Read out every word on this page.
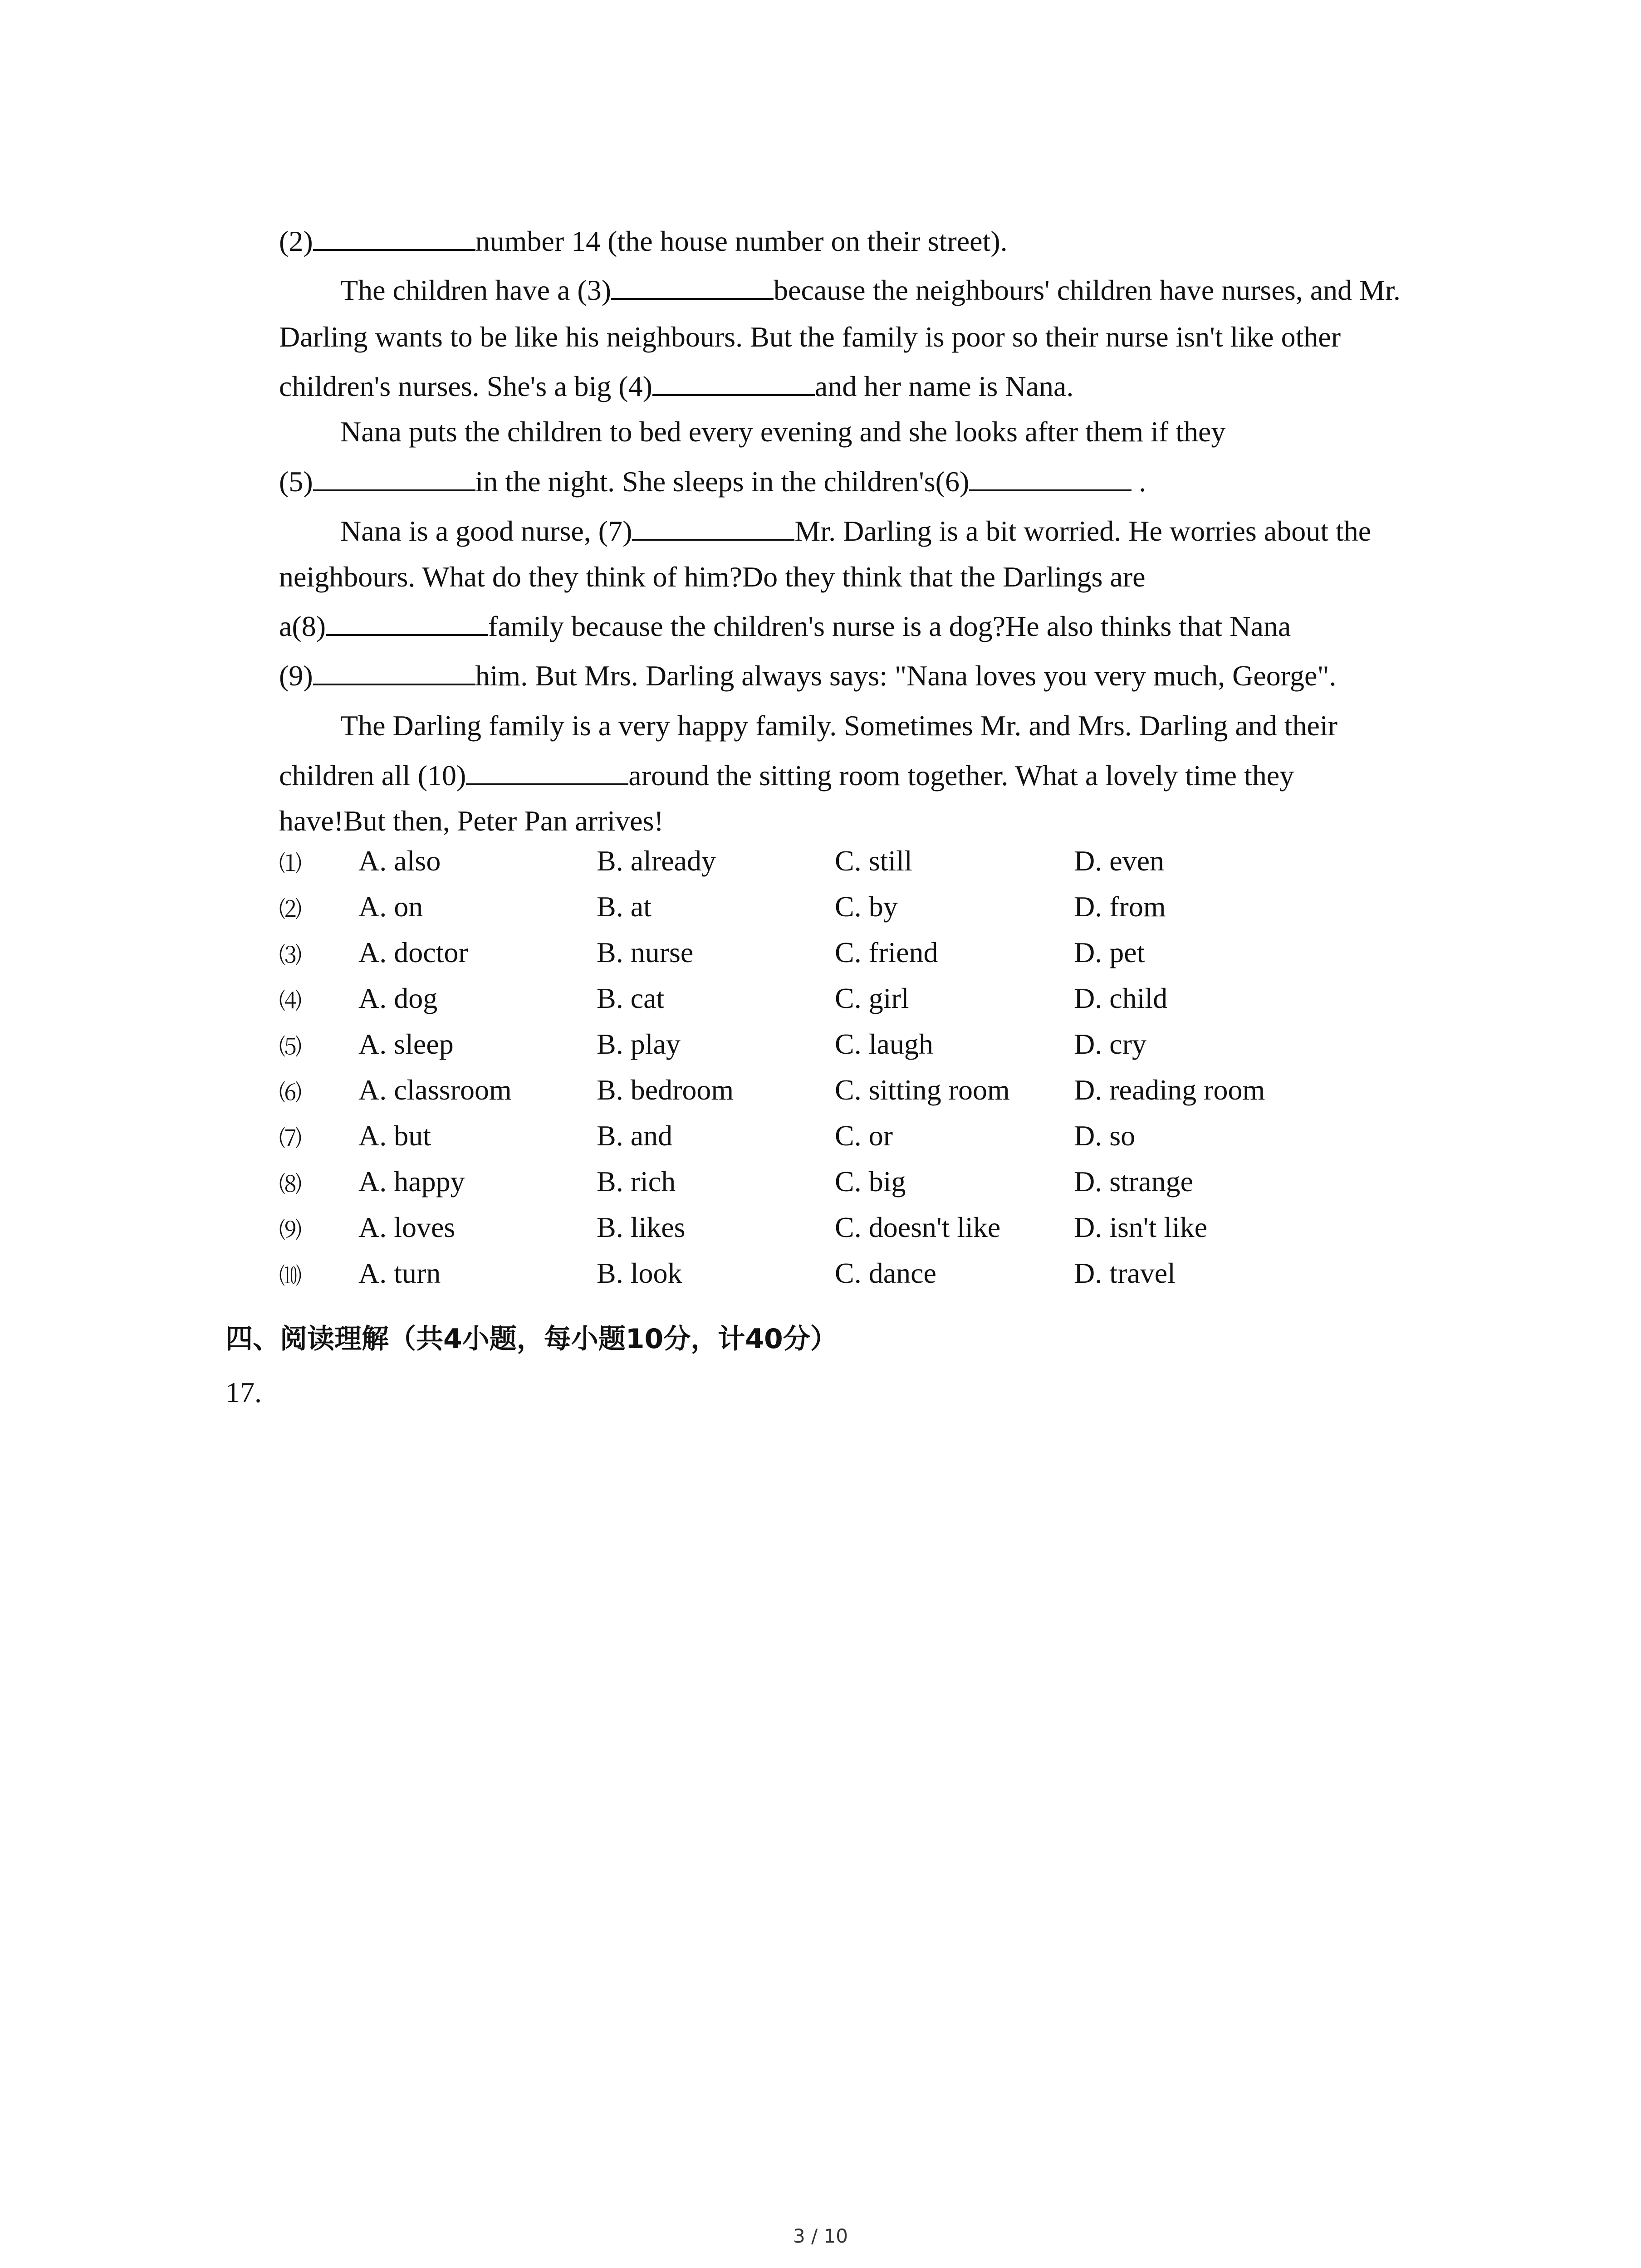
(2)	number 14 (the house number on their street).
The children have a (3)	because the neighbours' children have nurses, and Mr.
Darling wants to be like his neighbours. But the family is poor so their nurse isn't like other
children's nurses. She's a big (4)	and her name is Nana.
Nana puts the children to bed every evening and she looks after them if they
(5)	in the night. She sleeps in the children's(6)	.
Nana is a good nurse, (7)	Mr. Darling is a bit worried. He worries about the
neighbours. What do they think of him?Do they think that the Darlings are
a(8)	family because the children's nurse is a dog?He also thinks that Nana
(9)	him. But Mrs. Darling always says: "Nana loves you very much, George".
The Darling family is a very happy family. Sometimes Mr. and Mrs. Darling and their
children all (10)	around the sitting room together. What a lovely time they
have!But then, Peter Pan arrives!
⑴ A. also	B. already	C. still	D. even
⑵ A. on	B. at	C. by	D. from
⑶ A. doctor	B. nurse	C. friend	D. pet
⑷ A. dog	B. cat	C. girl	D. child
⑸ A. sleep	B. play	C. laugh	D. cry
⑹ A. classroom	B. bedroom	C. sitting room D. reading room
⑺ A. but	B. and	C. or	D. so
⑻ A. happy	B. rich	C. big	D. strange
⑼ A. loves	B. likes	C. doesn't like	D. isn't like
⑽ A. turn	B. look	C. dance	D. travel
四、阅读理解（共4小题，每小题10分，计40分）
17.
3 / 10
